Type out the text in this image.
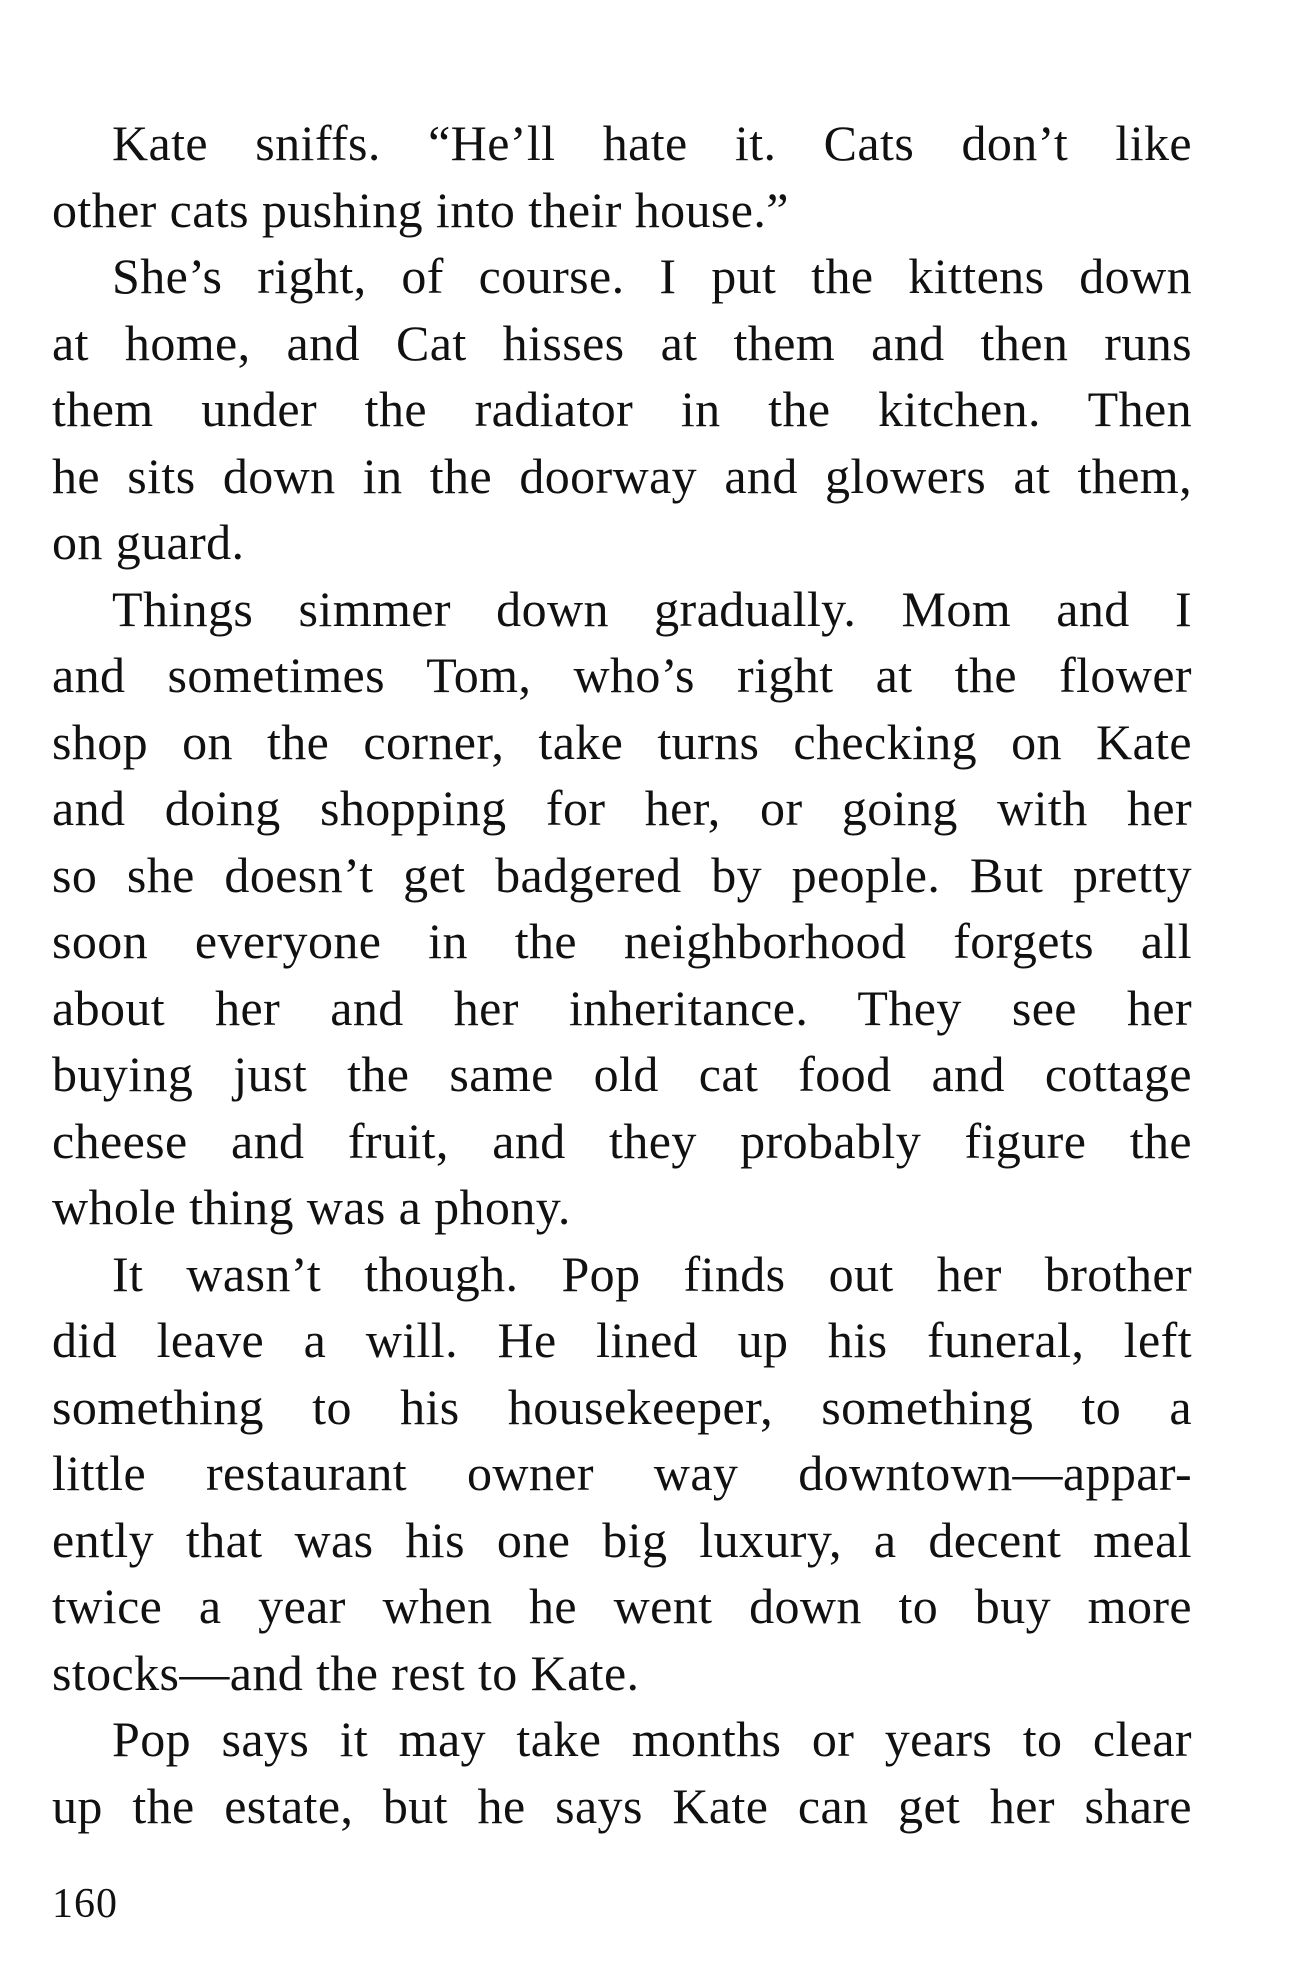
Kate sniffs. “He’ll hate it. Cats don’t like
other cats pushing into their house.”

She’s right, of course. I put the kittens down
at home, and Cat hisses at them and then runs
them under the radiator in the kitchen. Then
he sits down in the doorway and glowers at them,
on guard.

Things simmer down gradually. Mom and I
and sometimes Tom, who’s right at the flower
shop on the corner, take turns checking on Kate
and doing shopping for her, or going with her
so she doesn’t get badgered by people. But pretty
soon everyone in the neighborhood forgets all
about her and her inheritance. They see her
buying just the same old cat food and cottage
cheese and fruit, and they probably figure the
whole thing was a phony.

It wasn’t though. Pop finds out her brother
did leave a will. He lined up his funeral, left
something to his housekeeper, something to a
little restaurant owner way downtown—appar-
ently that was his one big luxury, a decent meal
twice a year when he went down to buy more
stocks—and the rest to Kate.

Pop says it may take months or years to clear
up the estate, but he says Kate can get her share

160
